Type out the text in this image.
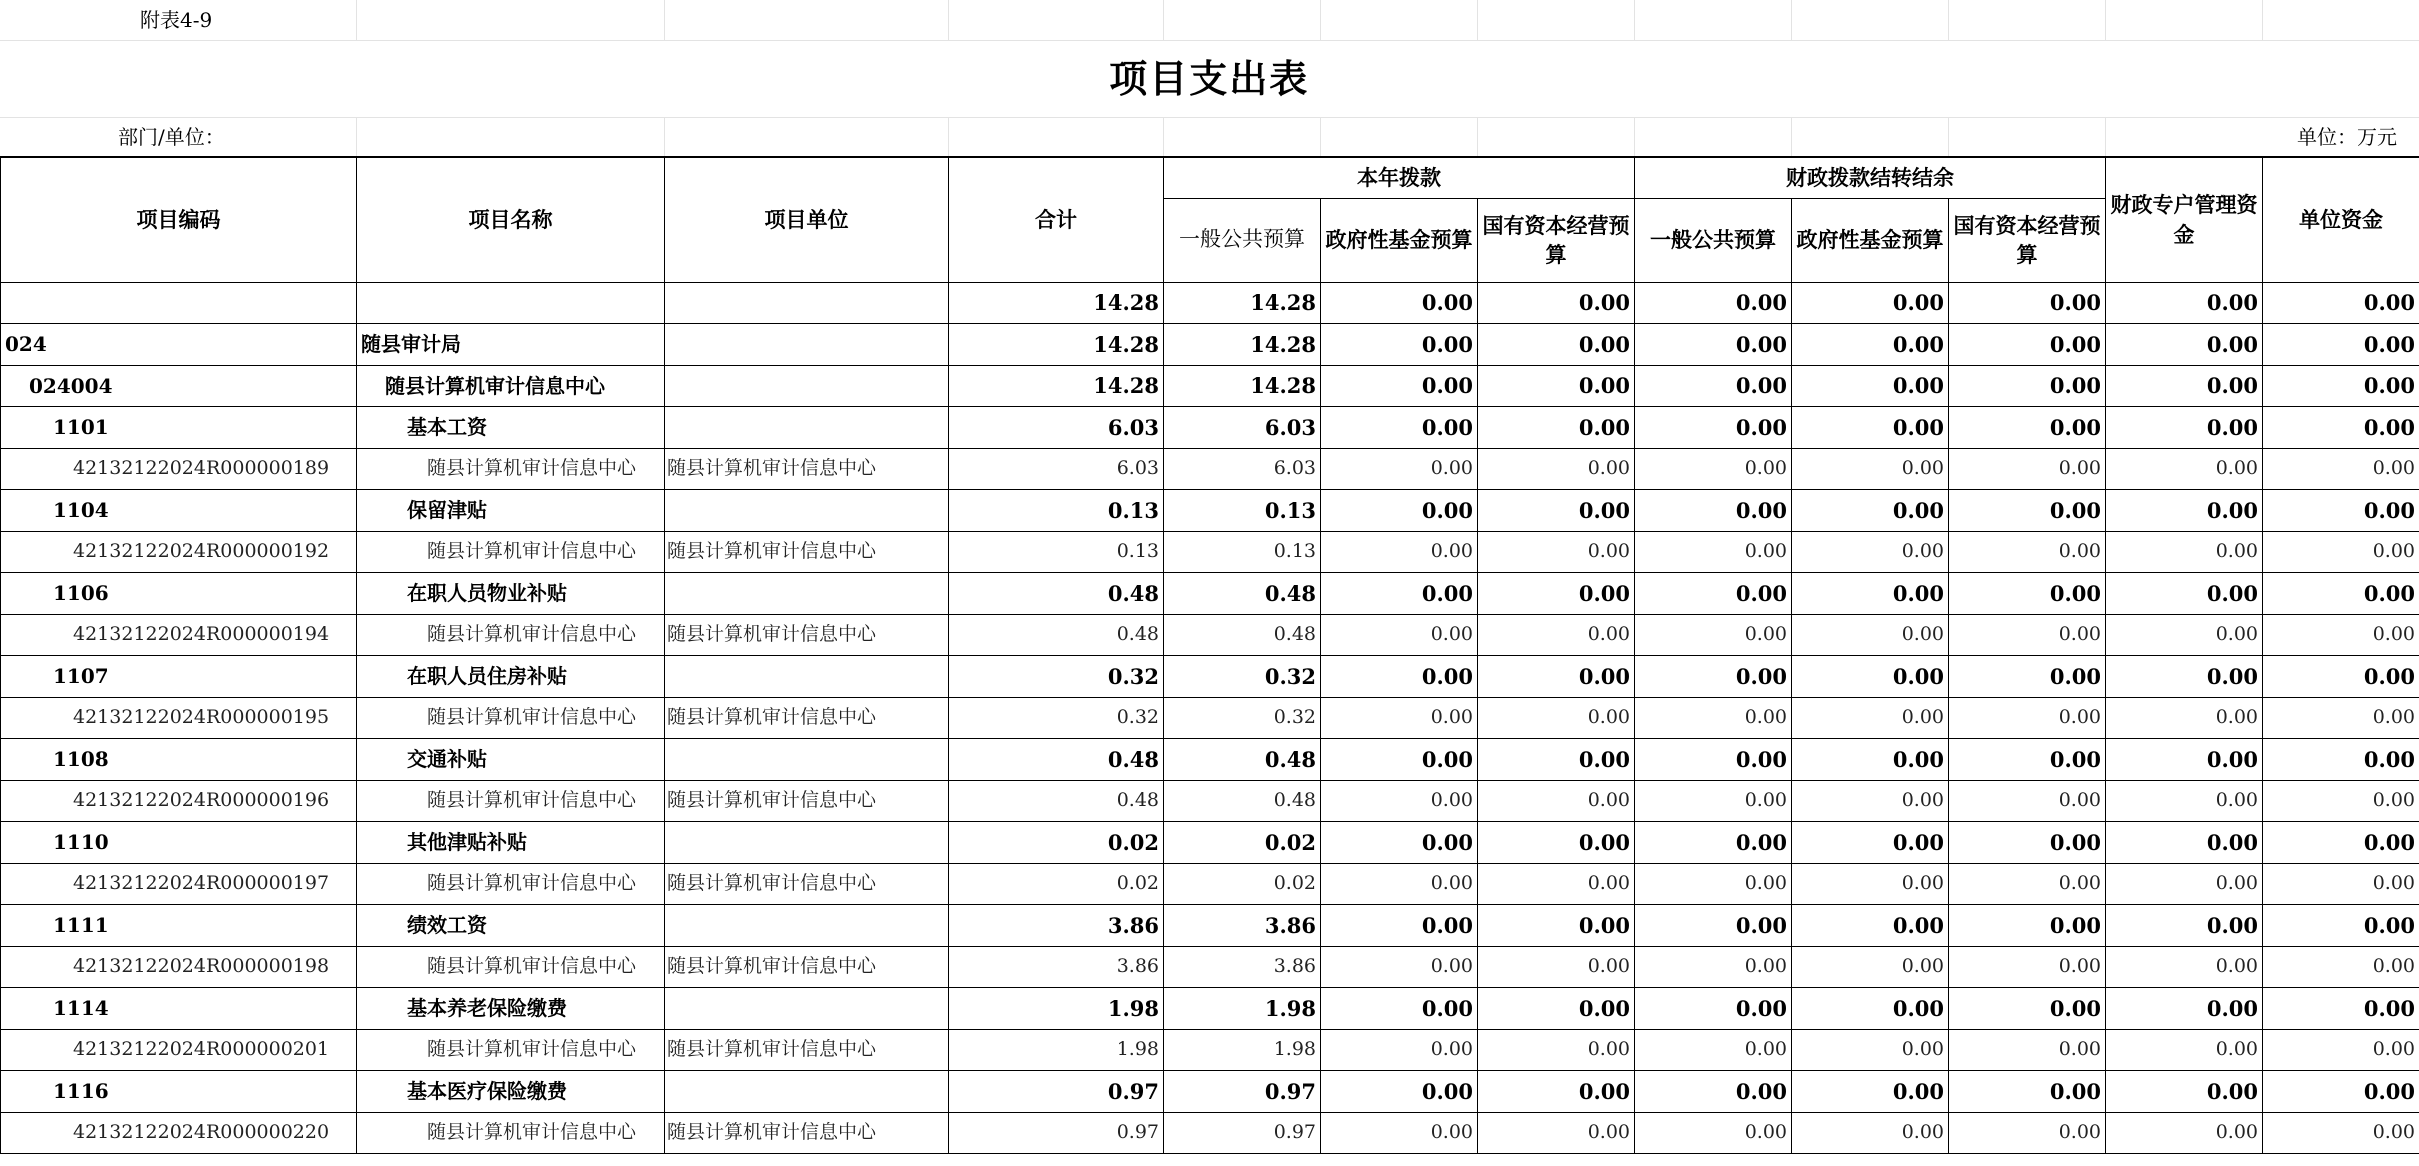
附表4-9											
项目支出表											
部门/单位：										单位：万元	
项目编码	项目名称	项目单位	合计	本年拨款			财政拨款结转结余			财政专户管理资金	单位资金
				一般公共预算	政府性基金预算	国有资本经营预算	一般公共预算	政府性基金预算	国有资本经营预算		
			14.28	14.28	0.00	0.00	0.00	0.00	0.00	0.00	0.00
024	随县审计局		14.28	14.28	0.00	0.00	0.00	0.00	0.00	0.00	0.00
024004	随县计算机审计信息中心		14.28	14.28	0.00	0.00	0.00	0.00	0.00	0.00	0.00
1101	基本工资		6.03	6.03	0.00	0.00	0.00	0.00	0.00	0.00	0.00
42132122024R000000189	随县计算机审计信息中心	随县计算机审计信息中心	6.03	6.03	0.00	0.00	0.00	0.00	0.00	0.00	0.00
1104	保留津贴		0.13	0.13	0.00	0.00	0.00	0.00	0.00	0.00	0.00
42132122024R000000192	随县计算机审计信息中心	随县计算机审计信息中心	0.13	0.13	0.00	0.00	0.00	0.00	0.00	0.00	0.00
1106	在职人员物业补贴		0.48	0.48	0.00	0.00	0.00	0.00	0.00	0.00	0.00
42132122024R000000194	随县计算机审计信息中心	随县计算机审计信息中心	0.48	0.48	0.00	0.00	0.00	0.00	0.00	0.00	0.00
1107	在职人员住房补贴		0.32	0.32	0.00	0.00	0.00	0.00	0.00	0.00	0.00
42132122024R000000195	随县计算机审计信息中心	随县计算机审计信息中心	0.32	0.32	0.00	0.00	0.00	0.00	0.00	0.00	0.00
1108	交通补贴		0.48	0.48	0.00	0.00	0.00	0.00	0.00	0.00	0.00
42132122024R000000196	随县计算机审计信息中心	随县计算机审计信息中心	0.48	0.48	0.00	0.00	0.00	0.00	0.00	0.00	0.00
1110	其他津贴补贴		0.02	0.02	0.00	0.00	0.00	0.00	0.00	0.00	0.00
42132122024R000000197	随县计算机审计信息中心	随县计算机审计信息中心	0.02	0.02	0.00	0.00	0.00	0.00	0.00	0.00	0.00
1111	绩效工资		3.86	3.86	0.00	0.00	0.00	0.00	0.00	0.00	0.00
42132122024R000000198	随县计算机审计信息中心	随县计算机审计信息中心	3.86	3.86	0.00	0.00	0.00	0.00	0.00	0.00	0.00
1114	基本养老保险缴费		1.98	1.98	0.00	0.00	0.00	0.00	0.00	0.00	0.00
42132122024R000000201	随县计算机审计信息中心	随县计算机审计信息中心	1.98	1.98	0.00	0.00	0.00	0.00	0.00	0.00	0.00
1116	基本医疗保险缴费		0.97	0.97	0.00	0.00	0.00	0.00	0.00	0.00	0.00
42132122024R000000220	随县计算机审计信息中心	随县计算机审计信息中心	0.97	0.97	0.00	0.00	0.00	0.00	0.00	0.00	0.00
